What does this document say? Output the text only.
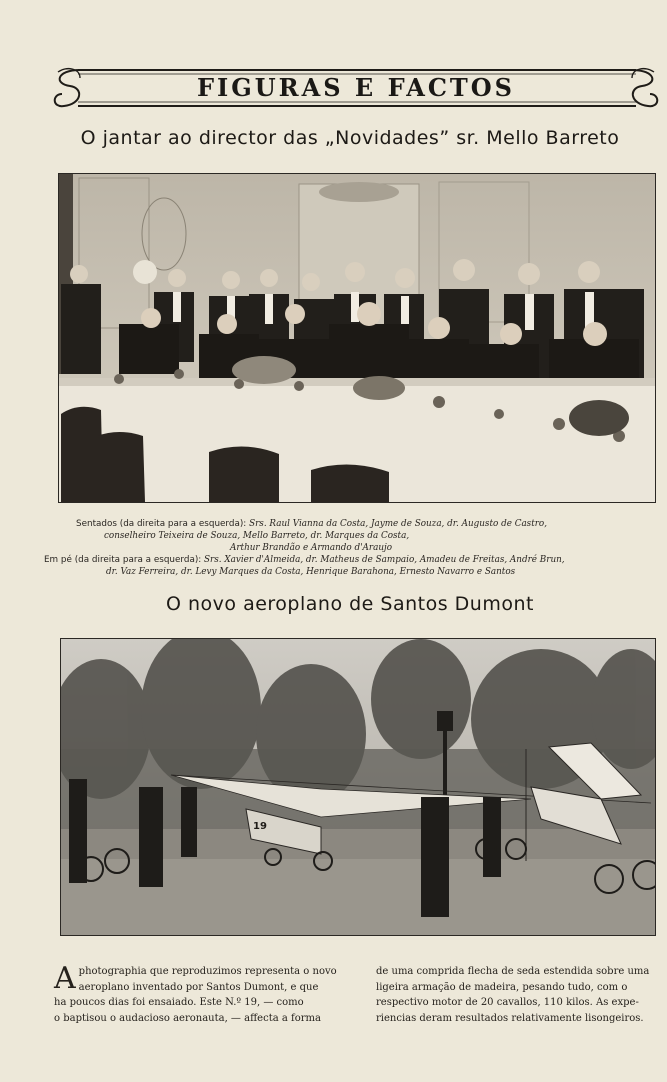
FIGURAS E FACTOS
O jantar ao director das „Novidades” sr. Mello Barreto
Sentados (da direita para a esquerda): Srs. Raul Vianna da Costa, Jayme de Souza, dr. Augusto de Castro,
conselheiro Teixeira de Souza, Mello Barreto, dr. Marques da Costa,
Arthur Brandão e Armando d'Araujo
Em pé (da direita para a esquerda): Srs. Xavier d'Almeida, dr. Matheus de Sampaio, Amadeu de Freitas, André Brun,
dr. Vaz Ferreira, dr. Levy Marques da Costa, Henrique Barahona, Ernesto Navarro e Santos
O novo aeroplano de Santos Dumont
19
A photographia que reproduzimos representa o novo
aeroplano inventado por Santos Dumont, e que
ha poucos dias foi ensaiado. Este N.º 19, — como
o baptisou o audacioso aeronauta, — affecta a forma
de uma comprida flecha de seda estendida sobre uma
ligeira armação de madeira, pesando tudo, com o
respectivo motor de 20 cavallos, 110 kilos. As expe-
riencias deram resultados relativamente lisongeiros.
